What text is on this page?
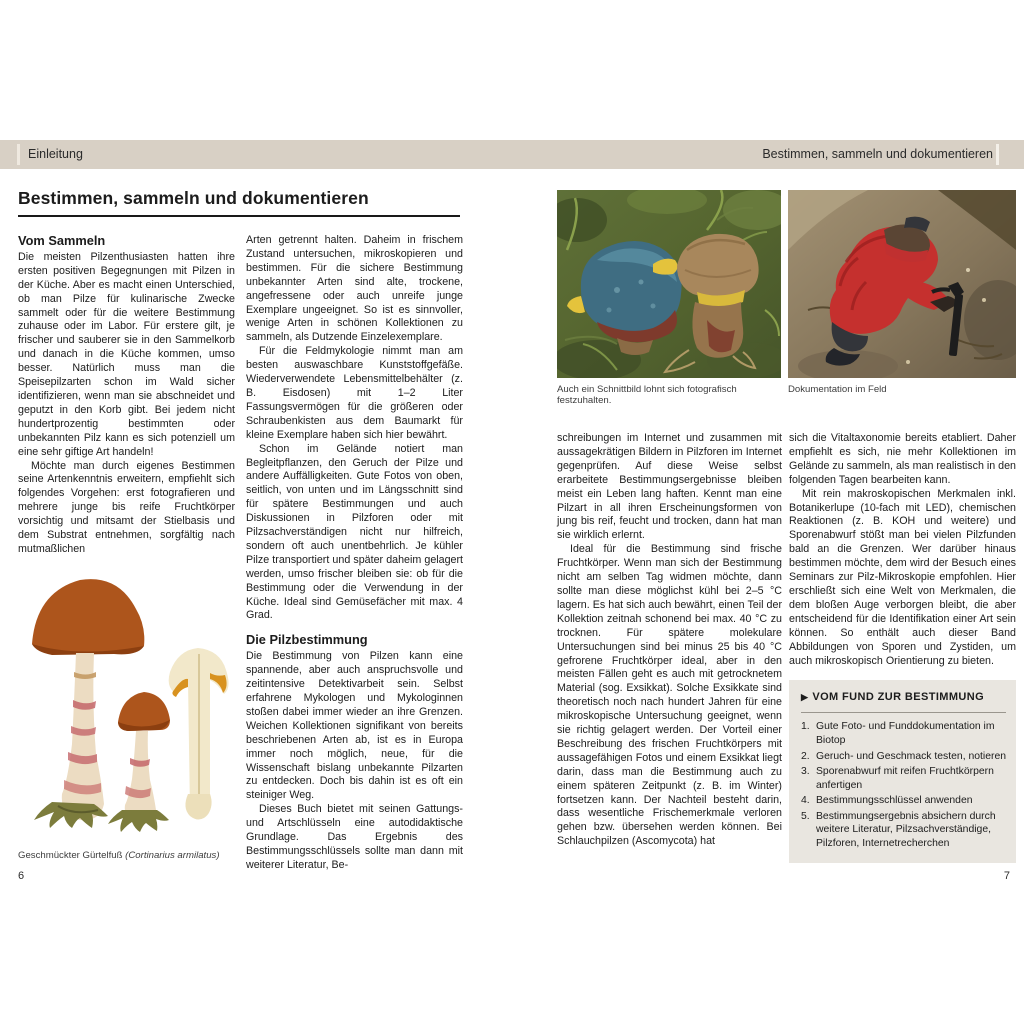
Einleitung	Bestimmen, sammeln und dokumentieren
Bestimmen, sammeln und dokumentieren
Vom Sammeln

Die meisten Pilzenthusiasten hatten ihre ersten positiven Begegnungen mit Pilzen in der Küche. Aber es macht einen Unterschied, ob man Pilze für kulinarische Zwecke sammelt oder für die weitere Bestimmung zuhause oder im Labor. Für erstere gilt, je frischer und sauberer sie in den Sammelkorb und danach in die Küche kommen, umso besser. Natürlich muss man die Speisepilzarten schon im Wald sicher identifizieren, wenn man sie abschneidet und geputzt in den Korb gibt. Bei jedem nicht hundertprozentig bestimmten oder unbekannten Pilz kann es sich potenziell um eine sehr giftige Art handeln!

Möchte man durch eigenes Bestimmen seine Artenkenntnis erweitern, empfiehlt sich folgendes Vorgehen: erst fotografieren und mehrere junge bis reife Fruchtkörper vorsichtig und mitsamt der Stielbasis und dem Substrat entnehmen, sorgfältig nach mutmaßlichen

Arten getrennt halten. Daheim in frischem Zustand untersuchen, mikroskopieren und bestimmen. Für die sichere Bestimmung unbekannter Arten sind alte, trockene, angefressene oder auch unreife junge Exemplare ungeeignet. So ist es sinnvoller, wenige Arten in schönen Kollektionen zu sammeln, als Dutzende Einzelexemplare.

Für die Feldmykologie nimmt man am besten auswaschbare Kunststoffgefäße. Wiederverwendete Lebensmittelbehälter (z. B. Eisdosen) mit 1–2 Liter Fassungsvermögen für die größeren oder Schraubenkisten aus dem Baumarkt für kleine Exemplare haben sich hier bewährt.

Schon im Gelände notiert man Begleitpflanzen, den Geruch der Pilze und andere Auffälligkeiten. Gute Fotos von oben, seitlich, von unten und im Längsschnitt sind für spätere Bestimmungen und auch Diskussionen in Pilzforen oder mit Pilzsachverständigen nicht nur hilfreich, sondern oft auch unentbehrlich. Je kühler Pilze transportiert und später daheim gelagert werden, umso frischer bleiben sie: ob für die Bestimmung oder die Verwendung in der Küche. Ideal sind Gemüsefächer mit max. 4 Grad.

Die Pilzbestimmung

Die Bestimmung von Pilzen kann eine spannende, aber auch anspruchsvolle und zeitintensive Detektivarbeit sein. Selbst erfahrene Mykologen und Mykologinnen stoßen dabei immer wieder an ihre Grenzen. Weichen Kollektionen signifikant von bereits beschriebenen Arten ab, ist es in Europa immer noch möglich, neue, für die Wissenschaft bislang unbekannte Pilzarten zu entdecken. Doch bis dahin ist es oft ein steiniger Weg.

Dieses Buch bietet mit seinen Gattungs- und Artschlüsseln eine autodidaktische Grundlage. Das Ergebnis des Bestimmungsschlüssels sollte man dann mit weiterer Literatur, Be-

Geschmückter Gürtelfuß (Cortinarius armilatus)
6
Auch ein Schnittbild lohnt sich fotografisch festzuhalten.
Dokumentation im Feld

schreibungen im Internet und zusammen mit aussagekrätigen Bildern in Pilzforen im Internet gegenprüfen. Auf diese Weise selbst erarbeitete Bestimmungsergebnisse bleiben meist ein Leben lang haften. Kennt man eine Pilzart in all ihren Erscheinungsformen von jung bis reif, feucht und trocken, dann hat man sie wirklich erlernt.

Ideal für die Bestimmung sind frische Fruchtkörper. Wenn man sich der Bestimmung nicht am selben Tag widmen möchte, dann sollte man diese möglichst kühl bei 2–5 °C lagern. Es hat sich auch bewährt, einen Teil der Kollektion zeitnah schonend bei max. 40 °C zu trocknen. Für spätere molekulare Untersuchungen sind bei minus 25 bis 40 °C gefrorene Fruchtkörper ideal, aber in den meisten Fällen geht es auch mit getrocknetem Material (sog. Exsikkat). Solche Exsikkate sind theoretisch noch nach hundert Jahren für eine mikroskopische Untersuchung geeignet, wenn sie richtig gelagert werden. Der Vorteil einer Beschreibung des frischen Fruchtkörpers mit aussagefähigen Fotos und einem Exsikkat liegt darin, dass man die Bestimmung auch zu einem späteren Zeitpunkt (z. B. im Winter) fortsetzen kann. Der Nachteil besteht darin, dass wesentliche Frischemerkmale verloren gehen bzw. übersehen werden können. Bei Schlauchpilzen (Ascomycota) hat

sich die Vitaltaxonomie bereits etabliert. Daher empfiehlt es sich, nie mehr Kollektionen im Gelände zu sammeln, als man realistisch in den folgenden Tagen bearbeiten kann.

Mit rein makroskopischen Merkmalen inkl. Botanikerlupe (10-fach mit LED), chemischen Reaktionen (z. B. KOH und weitere) und Sporenabwurf stößt man bei vielen Pilzfunden bald an die Grenzen. Wer darüber hinaus bestimmen möchte, dem wird der Besuch eines Seminars zur Pilz-Mikroskopie empfohlen. Hier erschließt sich eine Welt von Merkmalen, die dem bloßen Auge verborgen bleibt, die aber entscheidend für die Identifikation einer Art sein können. So enthält auch dieser Band Abbildungen von Sporen und Zystiden, um auch mikroskopisch Orientierung zu bieten.

▶ VOM FUND ZUR BESTIMMUNG
1. Gute Foto- und Funddokumentation im Biotop
2. Geruch- und Geschmack testen, notieren
3. Sporenabwurf mit reifen Fruchtkörpern anfertigen
4. Bestimmungsschlüssel anwenden
5. Bestimmungsergebnis absichern durch weitere Literatur, Pilzsachverständige, Pilzforen, Internetrecherchen
7
